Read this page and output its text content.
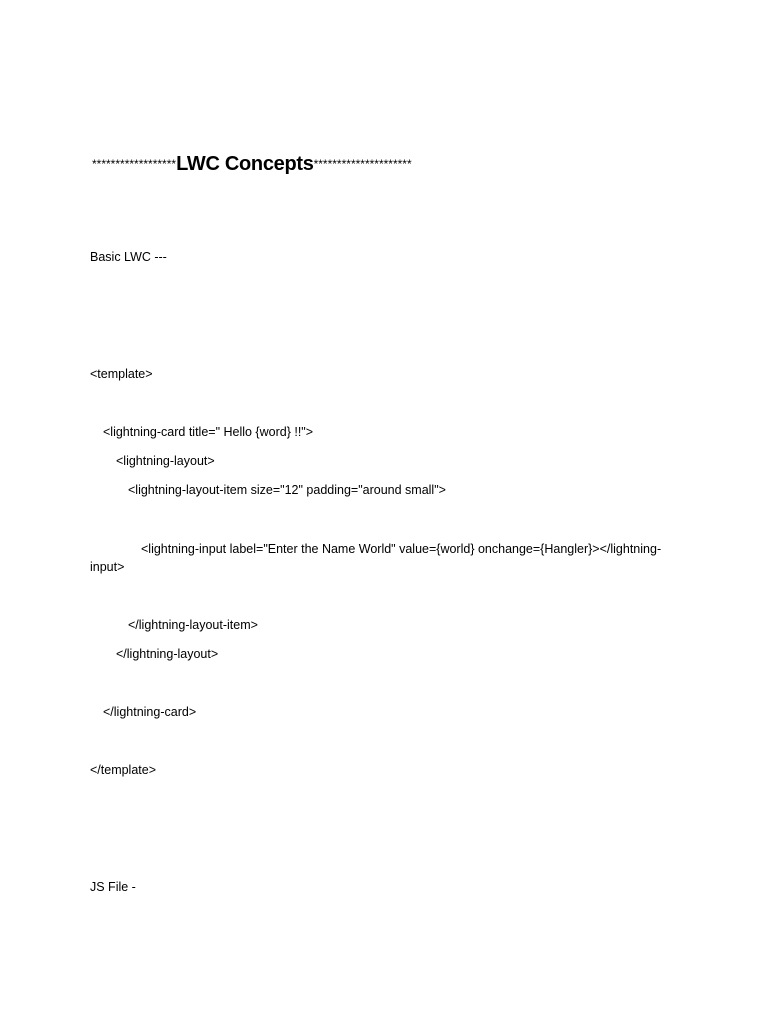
******************LWC Concepts*********************
Basic LWC ---
<template>
<lightning-card title=" Hello {word} !!">
<lightning-layout>
<lightning-layout-item size="12" padding="around small">
<lightning-input label="Enter the Name World" value={world} onchange={Hangler}></lightning-input>
</lightning-layout-item>
</lightning-layout>
</lightning-card>
</template>
JS File -
